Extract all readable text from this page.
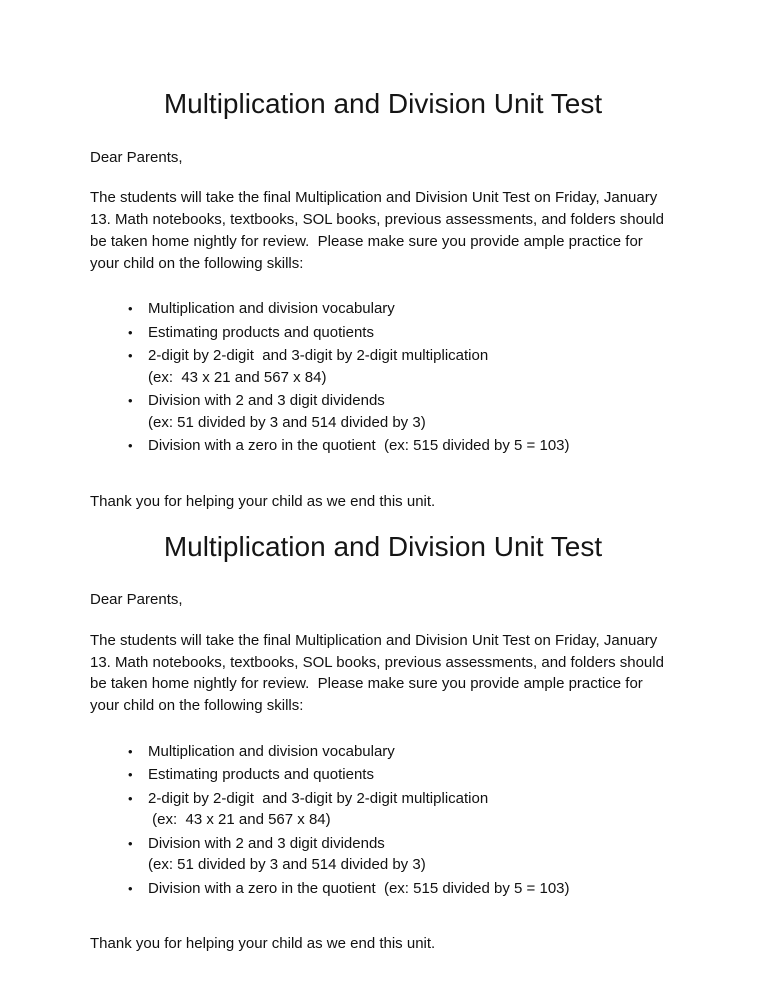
Multiplication and Division Unit Test

Dear Parents,

The students will take the final Multiplication and Division Unit Test on Friday, January 13. Math notebooks, textbooks, SOL books, previous assessments, and folders should be taken home nightly for review.  Please make sure you provide ample practice for your child on the following skills:

•	Multiplication and division vocabulary
•	Estimating products and quotients
•	2-digit by 2-digit  and 3-digit by 2-digit multiplication
(ex:  43 x 21 and 567 x 84)
•	Division with 2 and 3 digit dividends
(ex: 51 divided by 3 and 514 divided by 3)
•	Division with a zero in the quotient  (ex: 515 divided by 5 = 103)

Thank you for helping your child as we end this unit.

Multiplication and Division Unit Test

Dear Parents,

The students will take the final Multiplication and Division Unit Test on Friday, January 13. Math notebooks, textbooks, SOL books, previous assessments, and folders should be taken home nightly for review.  Please make sure you provide ample practice for your child on the following skills:

•	Multiplication and division vocabulary
•	Estimating products and quotients
•	2-digit by 2-digit  and 3-digit by 2-digit multiplication
(ex:  43 x 21 and 567 x 84)
•	Division with 2 and 3 digit dividends
(ex: 51 divided by 3 and 514 divided by 3)
•	Division with a zero in the quotient  (ex: 515 divided by 5 = 103)

Thank you for helping your child as we end this unit.
